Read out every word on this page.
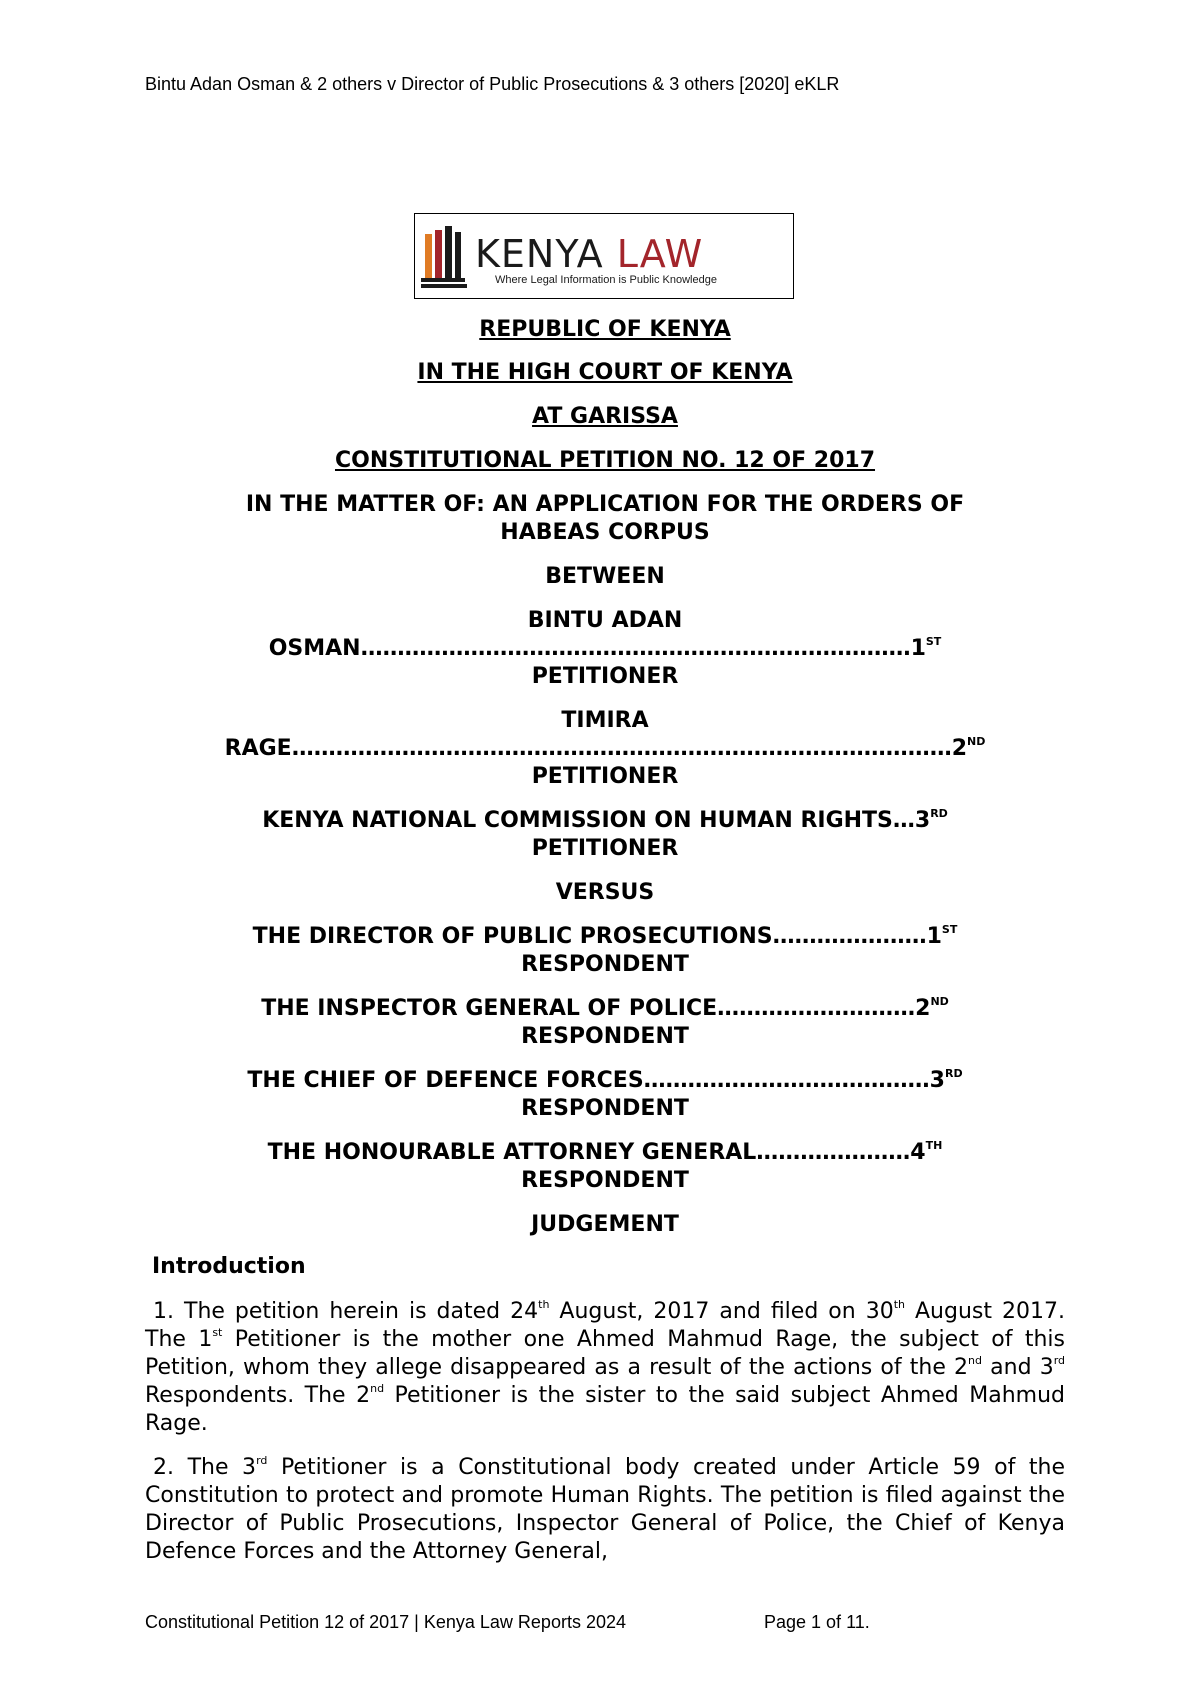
Bintu Adan Osman & 2 others v Director of Public Prosecutions & 3 others [2020] eKLR
KENYA LAW
Where Legal Information is Public Knowledge
REPUBLIC OF KENYA
IN THE HIGH COURT OF KENYA
AT GARISSA
CONSTITUTIONAL PETITION NO. 12 OF 2017
IN THE MATTER OF: AN APPLICATION FOR THE ORDERS OF
HABEAS CORPUS
BETWEEN
BINTU ADAN
OSMAN…………………………………………………………………1ST
PETITIONER
TIMIRA
RAGE………………………………………………………………………………2ND
PETITIONER
KENYA NATIONAL COMMISSION ON HUMAN RIGHTS…3RD
PETITIONER
VERSUS
THE DIRECTOR OF PUBLIC PROSECUTIONS…………………1ST
RESPONDENT
THE INSPECTOR GENERAL OF POLICE………………………2ND
RESPONDENT
THE CHIEF OF DEFENCE FORCES…………………………………3RD
RESPONDENT
THE HONOURABLE ATTORNEY GENERAL…………………4TH
RESPONDENT
JUDGEMENT
Introduction
1. The petition herein is dated 24th August, 2017 and filed on 30th August 2017. The 1st Petitioner is the mother one Ahmed Mahmud Rage, the subject of this Petition, whom they allege disappeared as a result of the actions of the 2nd and 3rd Respondents. The 2nd Petitioner is the sister to the said subject Ahmed Mahmud Rage.
2. The 3rd Petitioner is a Constitutional body created under Article 59 of the Constitution to protect and promote Human Rights. The petition is filed against the Director of Public Prosecutions, Inspector General of Police, the Chief of Kenya Defence Forces and the Attorney General,
Constitutional Petition 12 of 2017 | Kenya Law Reports 2024	Page 1 of 11.
